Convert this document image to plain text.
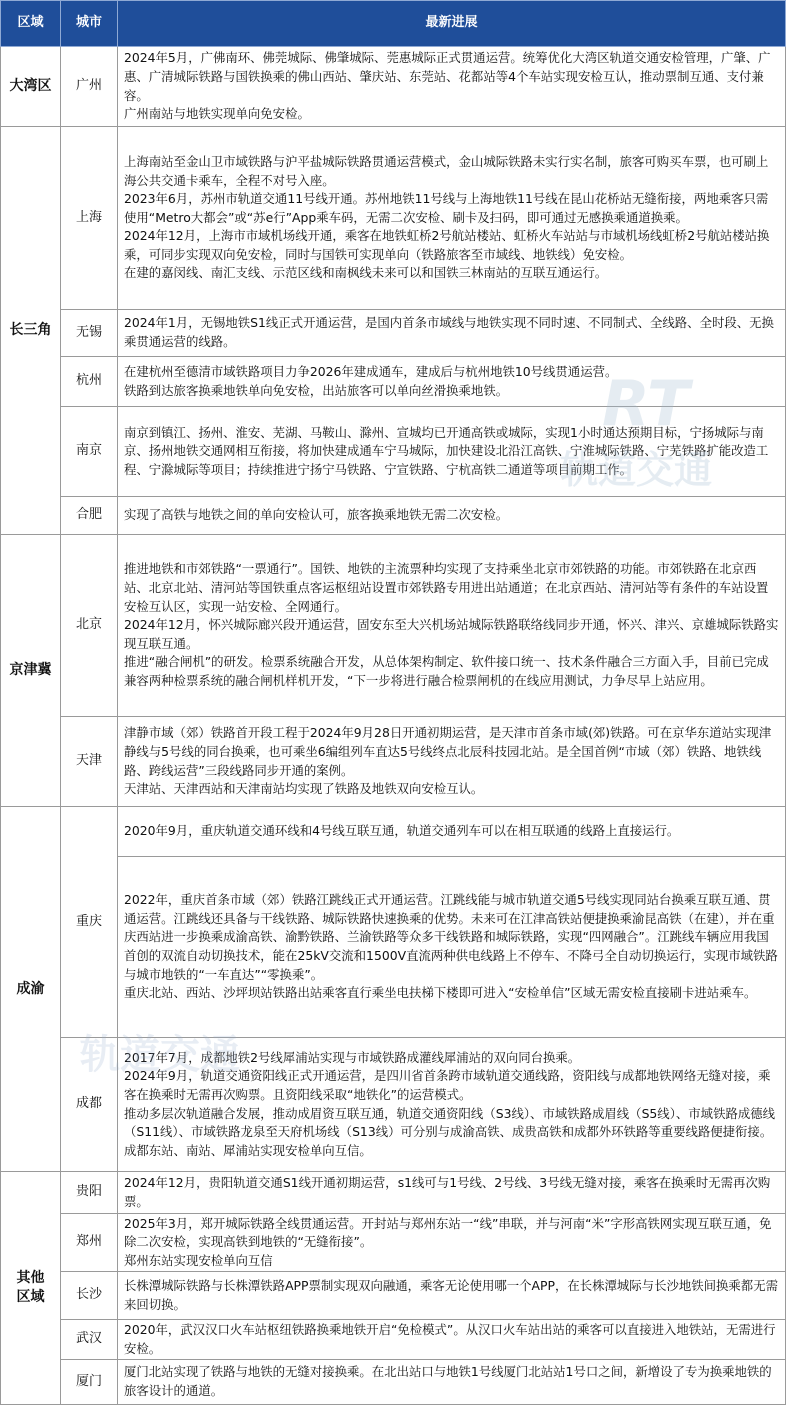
区域	城市	最新进展
大湾区	广州	2024年5月，广佛南环、佛莞城际、佛肇城际、莞惠城际正式贯通运营。统筹优化大湾区轨道交通安检管理，广肇、广惠、广清城际铁路与国铁换乘的佛山西站、肇庆站、东莞站、花都站等4个车站实现安检互认，推动票制互通、支付兼容。
广州南站与地铁实现单向免安检。

长三角	上海	上海南站至金山卫市域铁路与沪平盐城际铁路贯通运营模式，金山城际铁路未实行实名制，旅客可购买车票，也可刷上海公共交通卡乘车，全程不对号入座。
2023年6月，苏州市轨道交通11号线开通。苏州地铁11号线与上海地铁11号线在昆山花桥站无缝衔接，两地乘客只需使用“Metro大都会”或“苏e行”App乘车码，无需二次安检、刷卡及扫码，即可通过无感换乘通道换乘。
2024年12月，上海市市域机场线开通，乘客在地铁虹桥2号航站楼站、虹桥火车站站与市域机场线虹桥2号航站楼站换乘，可同步实现双向免安检，同时与国铁可实现单向（铁路旅客至市域线、地铁线）免安检。
在建的嘉闵线、南汇支线、示范区线和南枫线未来可以和国铁三林南站的互联互通运行。

	无锡	2024年1月，无锡地铁S1线正式开通运营，是国内首条市域线与地铁实现不同时速、不同制式、全线路、全时段、无换乘贯通运营的线路。

	杭州	在建杭州至德清市域铁路项目力争2026年建成通车，建成后与杭州地铁10号线贯通运营。
铁路到达旅客换乘地铁单向免安检，出站旅客可以单向丝滑换乘地铁。

	南京	南京到镇江、扬州、淮安、芜湖、马鞍山、滁州、宣城均已开通高铁或城际，实现1小时通达预期目标，宁扬城际与南京、扬州地铁交通网相互衔接，将加快建成通车宁马城际，加快建设北沿江高铁、宁淮城际铁路、宁芜铁路扩能改造工程、宁滁城际等项目；持续推进宁扬宁马铁路、宁宣铁路、宁杭高铁二通道等项目前期工作。

	合肥	实现了高铁与地铁之间的单向安检认可，旅客换乘地铁无需二次安检。

京津冀	北京	推进地铁和市郊铁路“一票通行”。国铁、地铁的主流票种均实现了支持乘坐北京市郊铁路的功能。市郊铁路在北京西站、北京北站、清河站等国铁重点客运枢纽站设置市郊铁路专用进出站通道；在北京西站、清河站等有条件的车站设置安检互认区，实现一站安检、全网通行。
2024年12月，怀兴城际廊兴段开通运营，固安东至大兴机场站城际铁路联络线同步开通，怀兴、津兴、京雄城际铁路实现互联互通。
推进“融合闸机”的研发。检票系统融合开发，从总体架构制定、软件接口统一、技术条件融合三方面入手，目前已完成兼容两种检票系统的融合闸机样机开发，“下一步将进行融合检票闸机的在线应用测试，力争尽早上站应用。

	天津	津静市域（郊）铁路首开段工程于2024年9月28日开通初期运营，是天津市首条市域(郊)铁路。可在京华东道站实现津静线与5号线的同台换乘，也可乘坐6编组列车直达5号线终点北辰科技园北站。是全国首例“市域（郊）铁路、地铁线路、跨线运营”三段线路同步开通的案例。
天津站、天津西站和天津南站均实现了铁路及地铁双向安检互认。

成渝	重庆	2020年9月，重庆轨道交通环线和4号线互联互通，轨道交通列车可以在相互联通的线路上直接运行。

		2022年，重庆首条市域（郊）铁路江跳线正式开通运营。江跳线能与城市轨道交通5号线实现同站台换乘互联互通、贯通运营。江跳线还具备与干线铁路、城际铁路快速换乘的优势。未来可在江津高铁站便捷换乘渝昆高铁（在建），并在重庆西站进一步换乘成渝高铁、渝黔铁路、兰渝铁路等众多干线铁路和城际铁路，实现“四网融合”。江跳线车辆应用我国首创的双流自动切换技术，能在25kV交流和1500V直流两种供电线路上不停车、不降弓全自动切换运行，实现市域铁路与城市地铁的“一车直达”“零换乘”。
重庆北站、西站、沙坪坝站铁路出站乘客直行乘坐电扶梯下楼即可进入“安检单信”区域无需安检直接刷卡进站乘车。

	成都	2017年7月，成都地铁2号线犀浦站实现与市域铁路成灌线犀浦站的双向同台换乘。
2024年9月，轨道交通资阳线正式开通运营，是四川省首条跨市域轨道交通线路，资阳线与成都地铁网络无缝对接，乘客在换乘时无需再次购票。且资阳线采取“地铁化”的运营模式。
推动多层次轨道融合发展，推动成眉资互联互通，轨道交通资阳线（S3线）、市域铁路成眉线（S5线）、市域铁路成德线（S11线）、市域铁路龙泉至天府机场线（S13线）可分别与成渝高铁、成贵高铁和成都外环铁路等重要线路便捷衔接。
成都东站、南站、犀浦站实现安检单向互信。

其他区域	贵阳	2024年12月，贵阳轨道交通S1线开通初期运营，s1线可与1号线、2号线、3号线无缝对接，乘客在换乘时无需再次购票。

	郑州	2025年3月，郑开城际铁路全线贯通运营。开封站与郑州东站一“线”串联，并与河南“米”字形高铁网实现互联互通，免除二次安检，实现高铁到地铁的“无缝衔接”。
郑州东站实现安检单向互信

	长沙	长株潭城际铁路与长株潭铁路APP票制实现双向融通，乘客无论使用哪一个APP，在长株潭城际与长沙地铁间换乘都无需来回切换。

	武汉	2020年，武汉汉口火车站枢纽铁路换乘地铁开启“免检模式”。从汉口火车站出站的乘客可以直接进入地铁站，无需进行安检。

	厦门	厦门北站实现了铁路与地铁的无缝对接换乘。在北出站口与地铁1号线厦门北站站1号口之间，新增设了专为换乘地铁的旅客设计的通道。
RT
轨道交通
轨道交通
